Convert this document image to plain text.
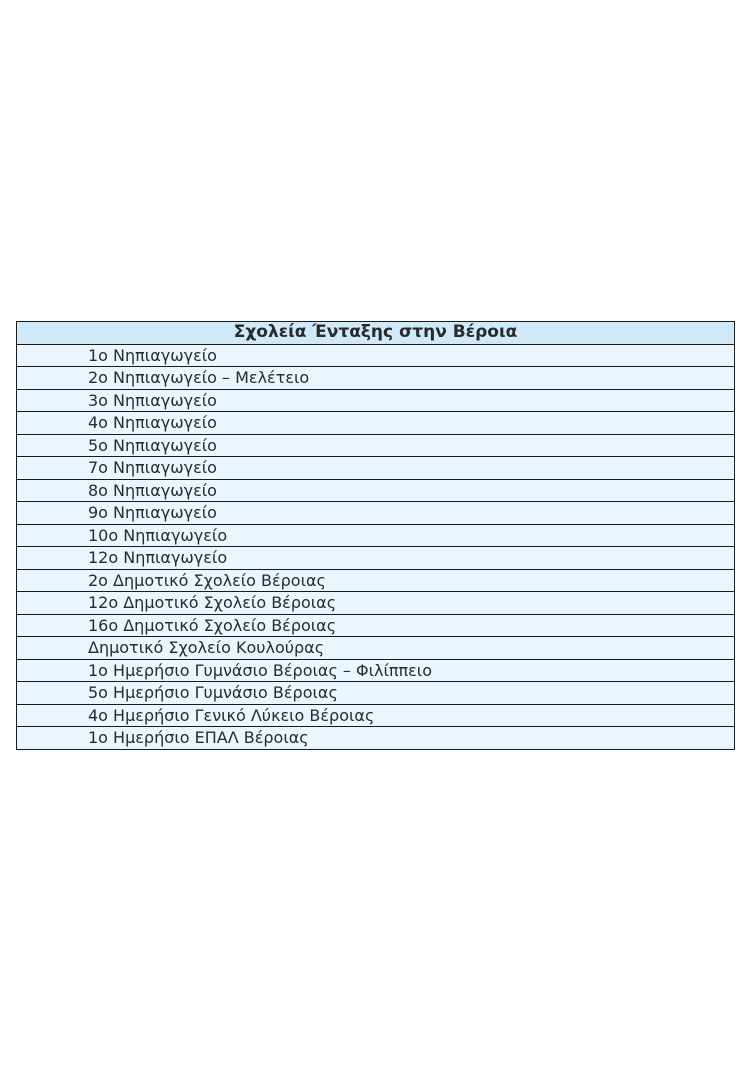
Σχολεία Ένταξης στην Βέροια
1ο Νηπιαγωγείο
2ο Νηπιαγωγείο – Μελέτειο
3ο Νηπιαγωγείο
4ο Νηπιαγωγείο
5ο Νηπιαγωγείο
7ο Νηπιαγωγείο
8ο Νηπιαγωγείο
9ο Νηπιαγωγείο
10ο Νηπιαγωγείο
12ο Νηπιαγωγείο
2ο Δημοτικό Σχολείο Βέροιας
12ο Δημοτικό Σχολείο Βέροιας
16ο Δημοτικό Σχολείο Βέροιας
Δημοτικό Σχολείο Κουλούρας
1ο Ημερήσιο Γυμνάσιο Βέροιας – Φιλίππειο
5ο Ημερήσιο Γυμνάσιο Βέροιας
4ο Ημερήσιο Γενικό Λύκειο Βέροιας
1ο Ημερήσιο ΕΠΑΛ Βέροιας
